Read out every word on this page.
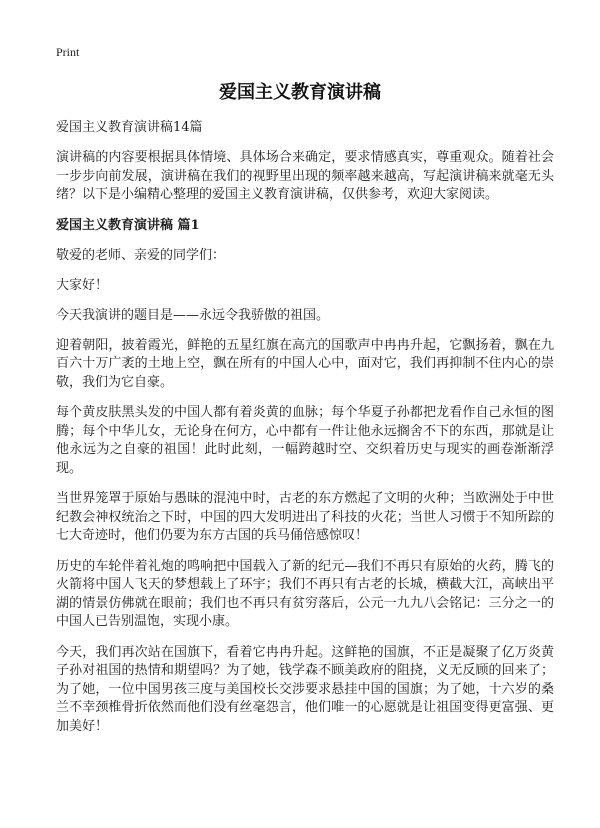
Print
爱国主义教育演讲稿

爱国主义教育演讲稿14篇

演讲稿的内容要根据具体情境、具体场合来确定，要求情感真实，尊重观众。随着社会一步步向前发展，演讲稿在我们的视野里出现的频率越来越高，写起演讲稿来就毫无头绪？以下是小编精心整理的爱国主义教育演讲稿，仅供参考，欢迎大家阅读。

爱国主义教育演讲稿 篇1

敬爱的老师、亲爱的同学们：

大家好！

今天我演讲的题目是——永远令我骄傲的祖国。

迎着朝阳，披着霞光，鲜艳的五星红旗在高亢的国歌声中冉冉升起，它飘扬着，飘在九百六十万广袤的土地上空，飘在所有的中国人心中，面对它，我们再抑制不住内心的崇敬，我们为它自豪。

每个黄皮肤黑头发的中国人都有着炎黄的血脉；每个华夏子孙都把龙看作自己永恒的图腾；每个中华儿女，无论身在何方，心中都有一件让他永远搁舍不下的东西，那就是让他永远为之自豪的祖国！此时此刻，一幅跨越时空、交织着历史与现实的画卷渐渐浮现。

当世界笼罩于原始与愚昧的混沌中时，古老的东方燃起了文明的火种；当欧洲处于中世纪教会神权统治之下时，中国的四大发明进出了科技的火花；当世人习惯于不知所踪的七大奇迹时，他们仍要为东方古国的兵马俑倍感惊叹！

历史的车轮伴着礼炮的鸣响把中国载入了新的纪元—我们不再只有原始的火药，腾飞的火箭将中国人飞天的梦想载上了环宇；我们不再只有古老的长城，横截大江，高峡出平湖的情景仿佛就在眼前；我们也不再只有贫穷落后，公元一九九八会铭记：三分之一的中国人已告别温饱，实现小康。

今天，我们再次站在国旗下，看着它冉冉升起。这鲜艳的国旗，不正是凝聚了亿万炎黄子孙对祖国的热情和期望吗？为了她，钱学森不顾美政府的阻挠，义无反顾的回来了；为了她，一位中国男孩三度与美国校长交涉要求悬挂中国的国旗；为了她，十六岁的桑兰不幸颈椎骨折依然而他们没有丝毫怨言，他们唯一的心愿就是让祖国变得更富强、更加美好！
